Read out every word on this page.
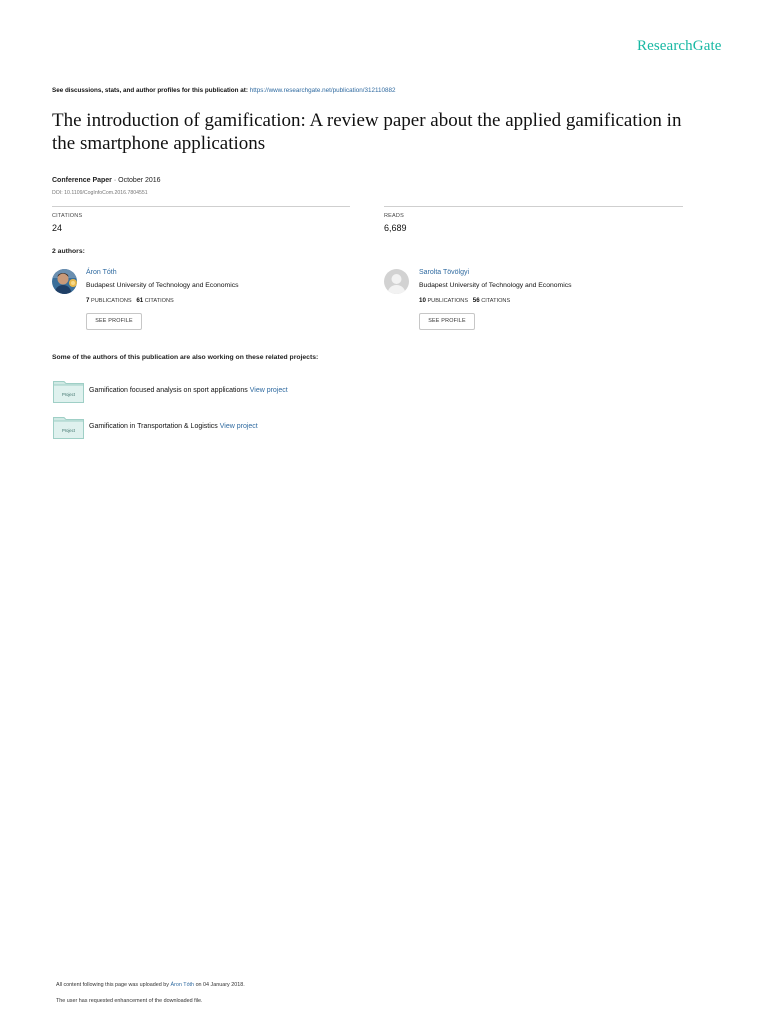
ResearchGate
See discussions, stats, and author profiles for this publication at: https://www.researchgate.net/publication/312110882
The introduction of gamification: A review paper about the applied gamification in the smartphone applications
Conference Paper · October 2016
DOI: 10.1109/CogInfoCom.2016.7804551
CITATIONS
24
READS
6,689
2 authors:
Áron Tóth
Budapest University of Technology and Economics
7 PUBLICATIONS 61 CITATIONS
SEE PROFILE
Sarolta Tövölgyi
Budapest University of Technology and Economics
10 PUBLICATIONS 56 CITATIONS
SEE PROFILE
Some of the authors of this publication are also working on these related projects:
Project
Gamification focused analysis on sport applications View project
Project
Gamification in Transportation & Logistics View project
All content following this page was uploaded by Áron Tóth on 04 January 2018.
The user has requested enhancement of the downloaded file.
